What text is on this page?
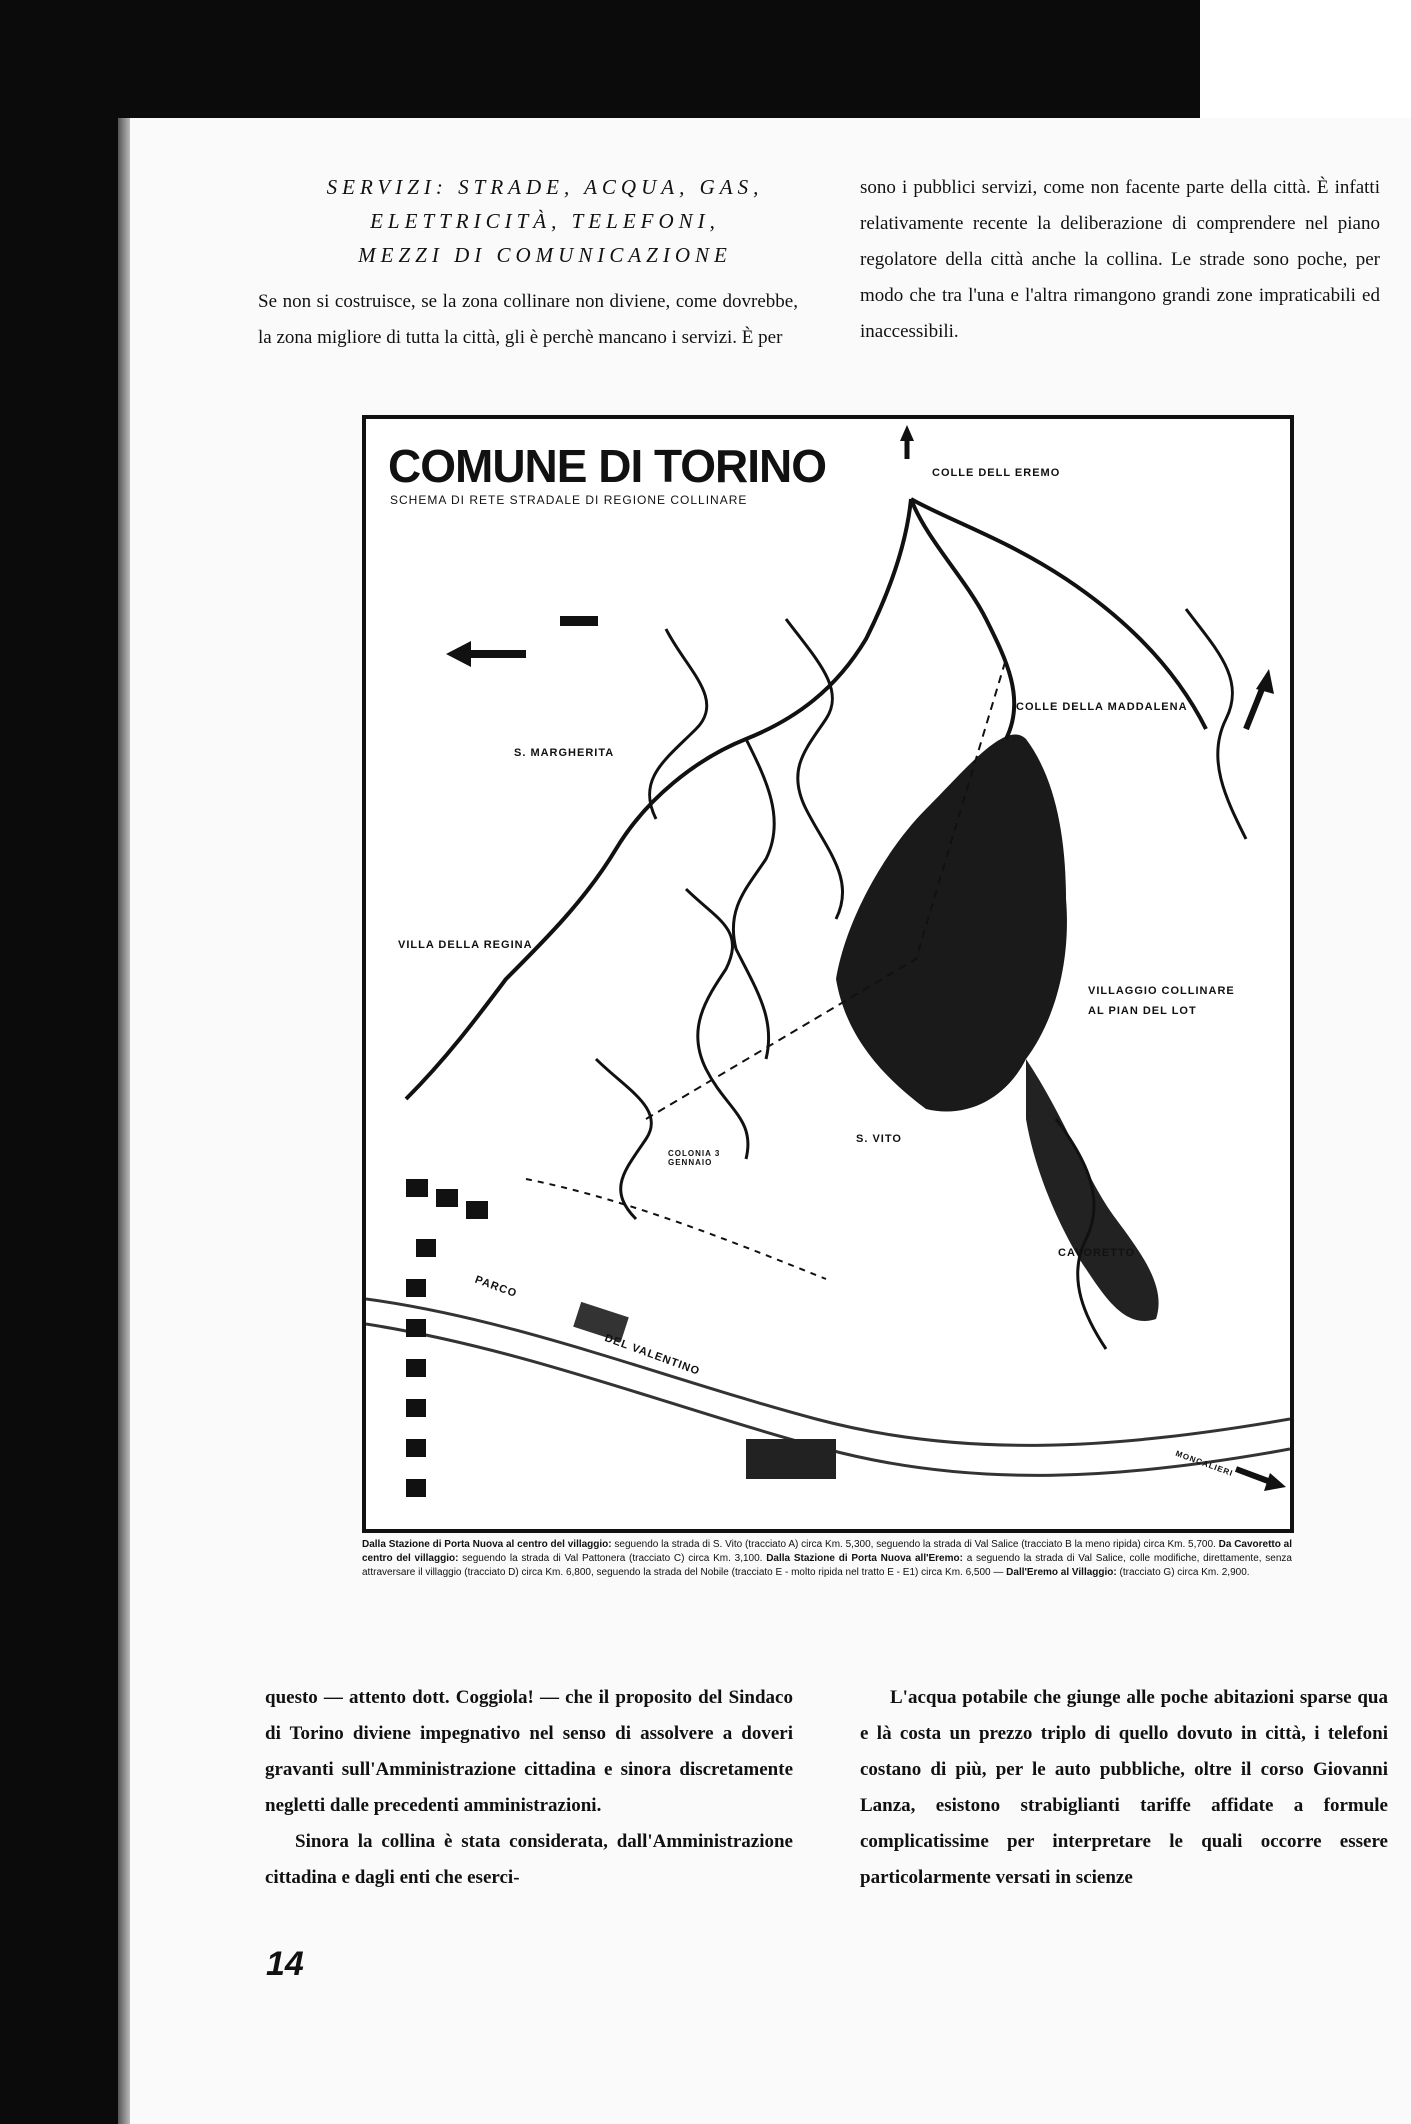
SERVIZI: STRADE, ACQUA, GAS,
ELETTRICITÀ, TELEFONI,
MEZZI DI COMUNICAZIONE

Se non si costruisce, se la zona collinare non diviene, come dovrebbe, la zona migliore di tutta la città, gli è perchè mancano i servizi. È per

sono i pubblici servizi, come non facente parte della città. È infatti relativamente recente la deliberazione di comprendere nel piano regolatore della città anche la collina. Le strade sono poche, per modo che tra l'una e l'altra rimangono grandi zone impraticabili ed inaccessibili.

COMUNE DI TORINO
SCHEMA DI RETE STRADALE DI REGIONE COLLINARE
COLLE DELL EREMO
COLLE DELLA MADDALENA
S. MARGHERITA
VILLA DELLA REGINA
VILLAGGIO COLLINARE
AL PIAN DEL LOT
S. VITO
CAVORETTO
COLONIA 3 GENNAIO
PARCO
DEL VALENTINO
MONCALIERI
Dalla Stazione di Porta Nuova al centro del villaggio: seguendo la strada di S. Vito (tracciato A) circa Km. 5,300, seguendo la strada di Val Salice (tracciato B la meno ripida) circa Km. 5,700. Da Cavoretto al centro del villaggio: seguendo la strada di Val Pattonera (tracciato C) circa Km. 3,100. Dalla Stazione di Porta Nuova all'Eremo: a seguendo la strada di Val Salice, colle modifiche, direttamente, senza attraversare il villaggio (tracciato D) circa Km. 6,800, seguendo la strada del Nobile (tracciato E - molto ripida nel tratto E - E1) circa Km. 6,500 — Dall'Eremo al Villaggio: (tracciato G) circa Km. 2,900.

questo — attento dott. Coggiola! — che il proposito del Sindaco di Torino diviene impegnativo nel senso di assolvere a doveri gravanti sull'Amministrazione cittadina e sinora discretamente negletti dalle precedenti amministrazioni.

Sinora la collina è stata considerata, dall'Amministrazione cittadina e dagli enti che eserci-

L'acqua potabile che giunge alle poche abitazioni sparse qua e là costa un prezzo triplo di quello dovuto in città, i telefoni costano di più, per le auto pubbliche, oltre il corso Giovanni Lanza, esistono strabiglianti tariffe affidate a formule complicatissime per interpretare le quali occorre essere particolarmente versati in scienze

14
